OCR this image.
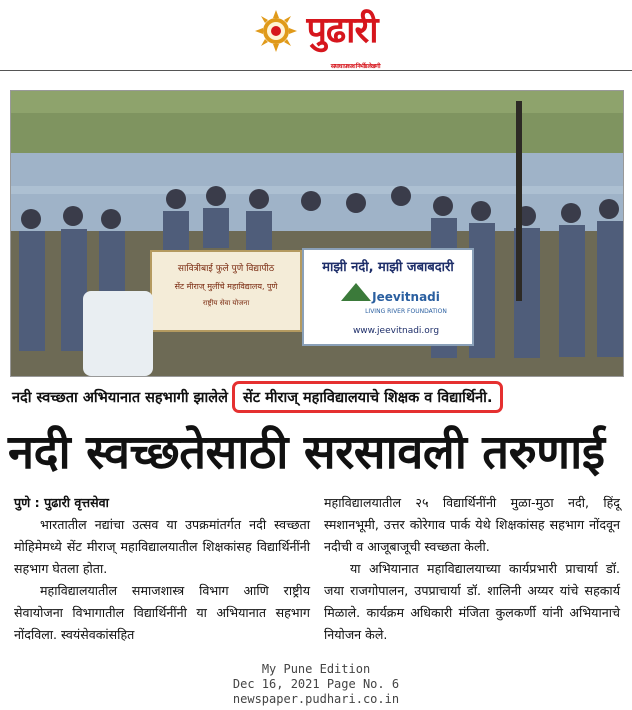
पुढारी
सत्याचा प्रकाश निर्भीड लेखणी
सावित्रीबाई फुले पुणे विद्यापीठ
सेंट मीराज् मुलींचे महाविद्यालय, पुणे
राष्ट्रीय सेवा योजना
माझी नदी, माझी जबाबदारी
Jeevitnadi
LIVING RIVER FOUNDATION
www.jeevitnadi.org
नदी स्वच्छता अभियानात सहभागी झालेले	सेंट मीराज् महाविद्यालयाचे शिक्षक व विद्यार्थिनी.
नदी स्वच्छतेसाठी सरसावली तरुणाई

पुणे : पुढारी वृत्तसेवा

भारतातील नद्यांचा उत्सव या उपक्रमांतर्गत नदी स्वच्छता मोहिमेमध्ये सेंट मीराज् महाविद्यालयातील शिक्षकांसह विद्यार्थिनींनी सहभाग घेतला होता.

महाविद्यालयातील समाजशास्त्र विभाग आणि राष्ट्रीय सेवायोजना विभागातील विद्यार्थिनींनी या अभियानात सहभाग नोंदविला. स्वयंसेवकांसहित

महाविद्यालयातील २५ विद्यार्थिनींनी मुळा-मुठा नदी, हिंदू स्मशानभूमी, उत्तर कोरेगाव पार्क येथे शिक्षकांसह सहभाग नोंदवून नदीची व आजूबाजूची स्वच्छता केली.

या अभियानात महाविद्यालयाच्या कार्यप्रभारी प्राचार्या डॉ. जया राजगोपालन, उपप्राचार्या डॉ. शालिनी अय्यर यांचे सहकार्य मिळाले. कार्यक्रम अधिकारी मंजिता कुलकर्णी यांनी अभियानाचे नियोजन केले.

My Pune Edition
Dec 16, 2021 Page No. 6
newspaper.pudhari.co.in
